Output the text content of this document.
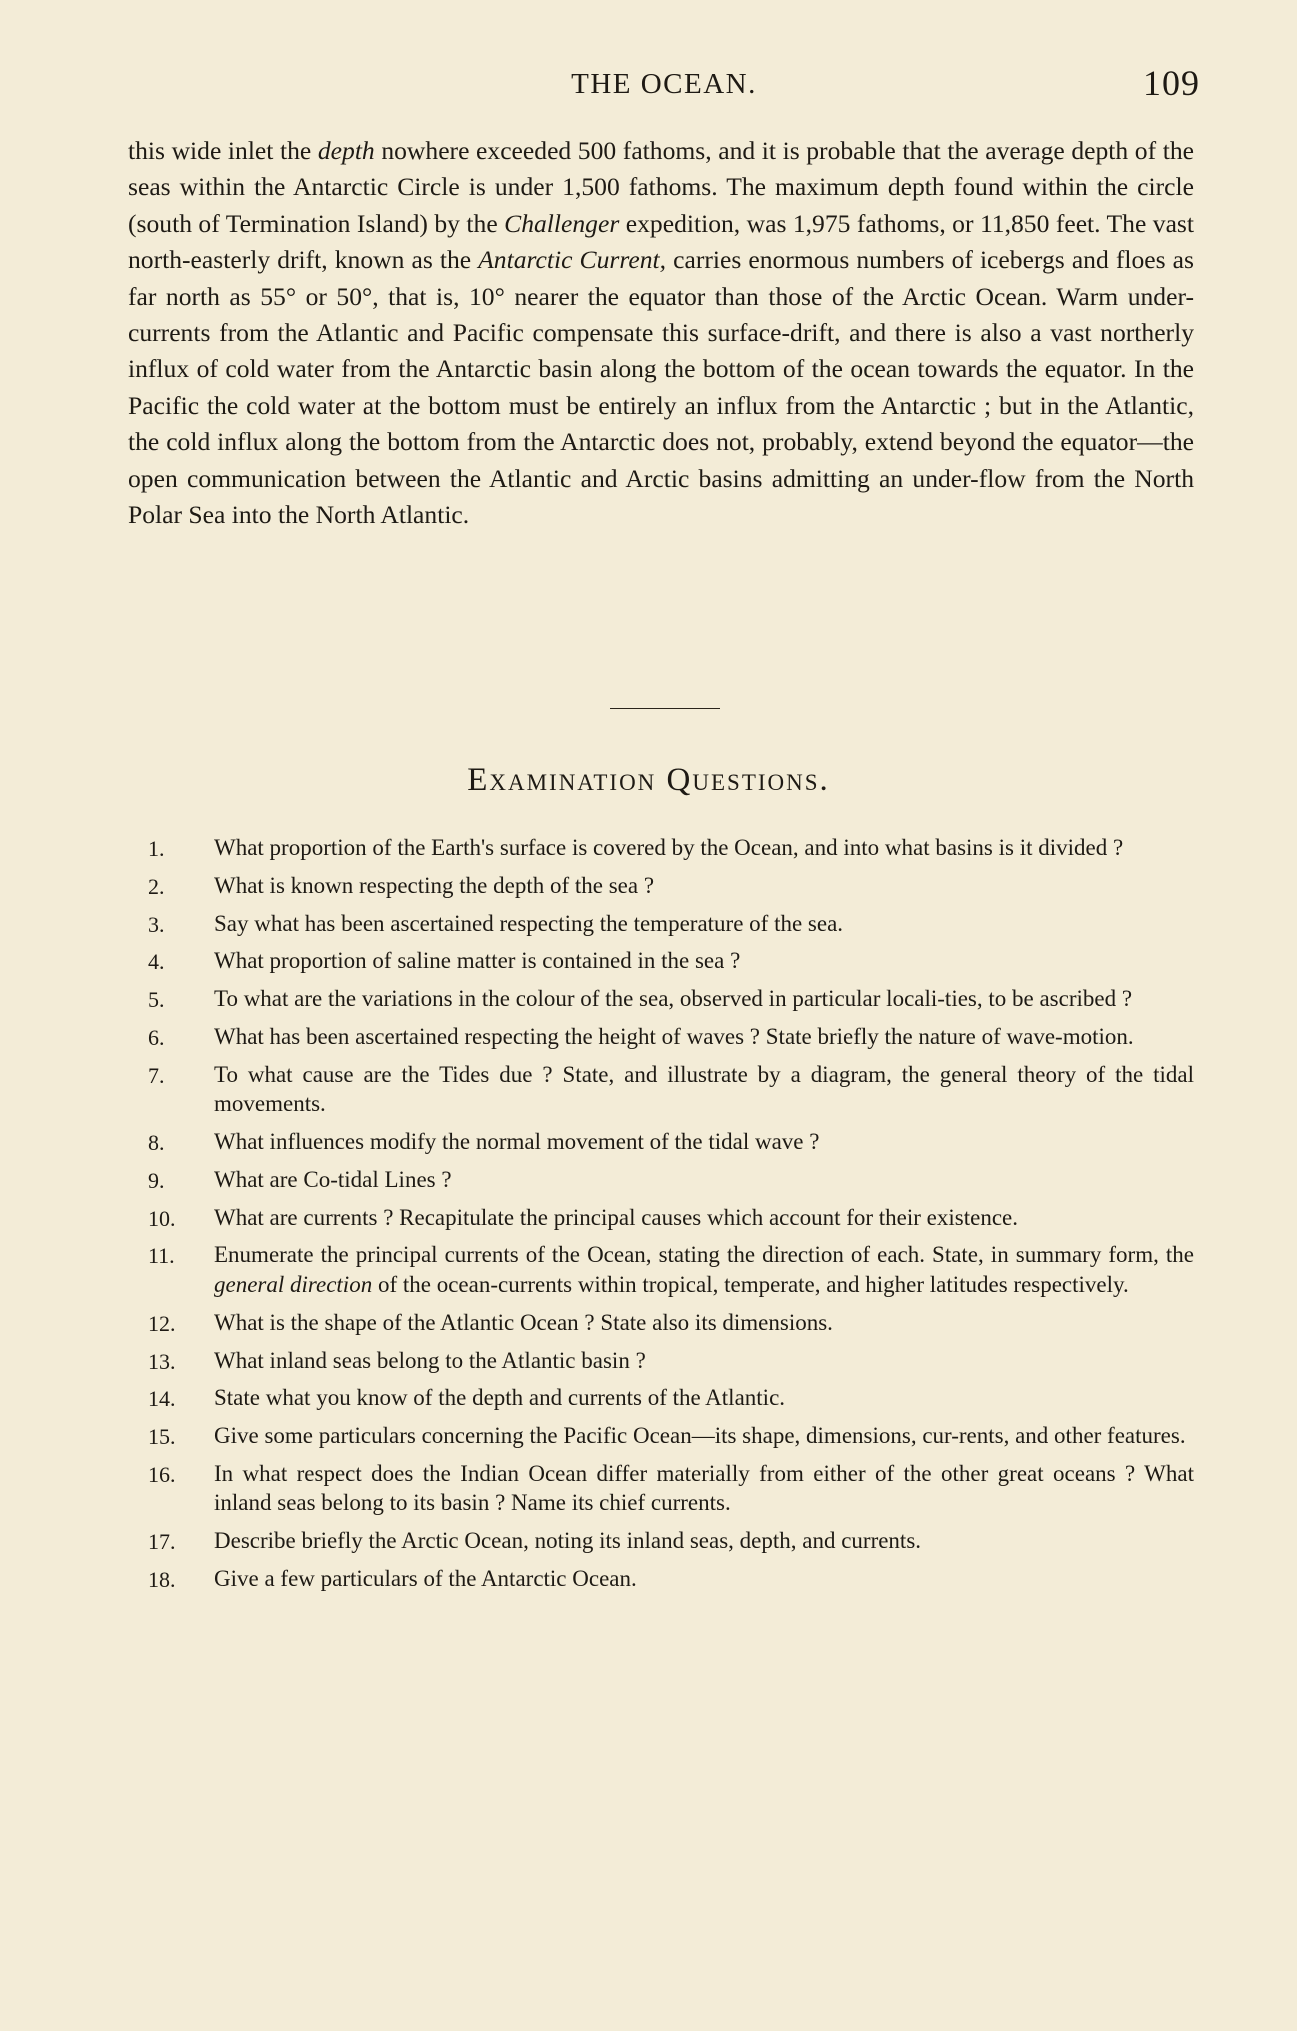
THE OCEAN.	109

this wide inlet the depth nowhere exceeded 500 fathoms, and it is probable that the average depth of the seas within the Antarctic Circle is under 1,500 fathoms. The maximum depth found within the circle (south of Termination Island) by the Challenger expedition, was 1,975 fathoms, or 11,850 feet. The vast north-easterly drift, known as the Antarctic Current, carries enormous numbers of icebergs and floes as far north as 55° or 50°, that is, 10° nearer the equator than those of the Arctic Ocean. Warm under-currents from the Atlantic and Pacific compensate this surface-drift, and there is also a vast northerly influx of cold water from the Antarctic basin along the bottom of the ocean towards the equator. In the Pacific the cold water at the bottom must be entirely an influx from the Antarctic ; but in the Atlantic, the cold influx along the bottom from the Antarctic does not, probably, extend beyond the equator—the open communication between the Atlantic and Arctic basins admitting an under-flow from the North Polar Sea into the North Atlantic.

Examination Questions.
1. What proportion of the Earth's surface is covered by the Ocean, and into what basins is it divided ?
2. What is known respecting the depth of the sea ?
3. Say what has been ascertained respecting the temperature of the sea.
4. What proportion of saline matter is contained in the sea ?
5. To what are the variations in the colour of the sea, observed in particular locali-ties, to be ascribed ?
6. What has been ascertained respecting the height of waves ? State briefly the nature of wave-motion.
7. To what cause are the Tides due ? State, and illustrate by a diagram, the general theory of the tidal movements.
8. What influences modify the normal movement of the tidal wave ?
9. What are Co-tidal Lines ?
10. What are currents ? Recapitulate the principal causes which account for their existence.
11. Enumerate the principal currents of the Ocean, stating the direction of each. State, in summary form, the general direction of the ocean-currents within tropical, temperate, and higher latitudes respectively.
12. What is the shape of the Atlantic Ocean ? State also its dimensions.
13. What inland seas belong to the Atlantic basin ?
14. State what you know of the depth and currents of the Atlantic.
15. Give some particulars concerning the Pacific Ocean—its shape, dimensions, cur-rents, and other features.
16. In what respect does the Indian Ocean differ materially from either of the other great oceans ? What inland seas belong to its basin ? Name its chief currents.
17. Describe briefly the Arctic Ocean, noting its inland seas, depth, and currents.
18. Give a few particulars of the Antarctic Ocean.
